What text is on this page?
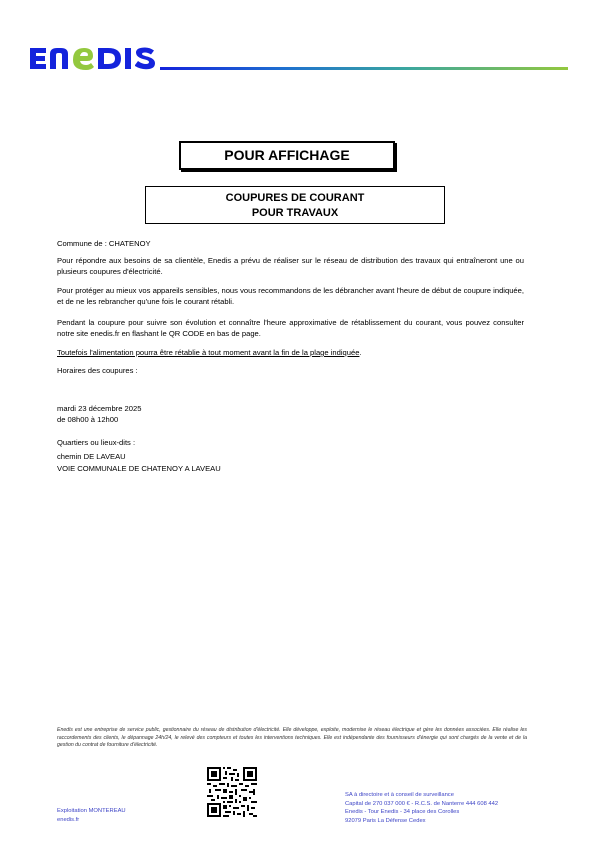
POUR AFFICHAGE
COUPURES DE COURANT
POUR TRAVAUX
Commune de : CHATENOY
Pour répondre aux besoins de sa clientèle, Enedis a prévu de réaliser sur le réseau de distribution des travaux qui entraîneront une ou plusieurs coupures d'électricité.
Pour protéger au mieux vos appareils sensibles, nous vous recommandons de les débrancher avant l'heure de début de coupure indiquée, et de ne les rebrancher qu'une fois le courant rétabli.
Pendant la coupure pour suivre son évolution et connaître l'heure approximative de rétablissement du courant, vous pouvez consulter notre site enedis.fr en flashant le QR CODE en bas de page.
Toutefois l'alimentation pourra être rétablie à tout moment avant la fin de la plage indiquée.
Horaires des coupures :
mardi 23 décembre 2025
de 08h00 à 12h00
Quartiers ou lieux-dits :
chemin DE LAVEAU
VOIE COMMUNALE DE CHATENOY A LAVEAU
Enedis est une entreprise de service public, gestionnaire du réseau de distribution d'électricité. Elle développe, exploite, modernise le réseau électrique et gère les données associées. Elle réalise les raccordements des clients, le dépannage 24h/24, le relevé des compteurs et toutes les interventions techniques. Elle est indépendante des fournisseurs d'énergie qui sont chargés de la vente et de la gestion du contrat de fourniture d'électricité.
Exploitation MONTEREAU
enedis.fr
SA à directoire et à conseil de surveillance
Capital de 270 037 000 € - R.C.S. de Nanterre 444 608 442
Enedis - Tour Enedis - 34 place des Corolles
92079 Paris La Défense Cedex
